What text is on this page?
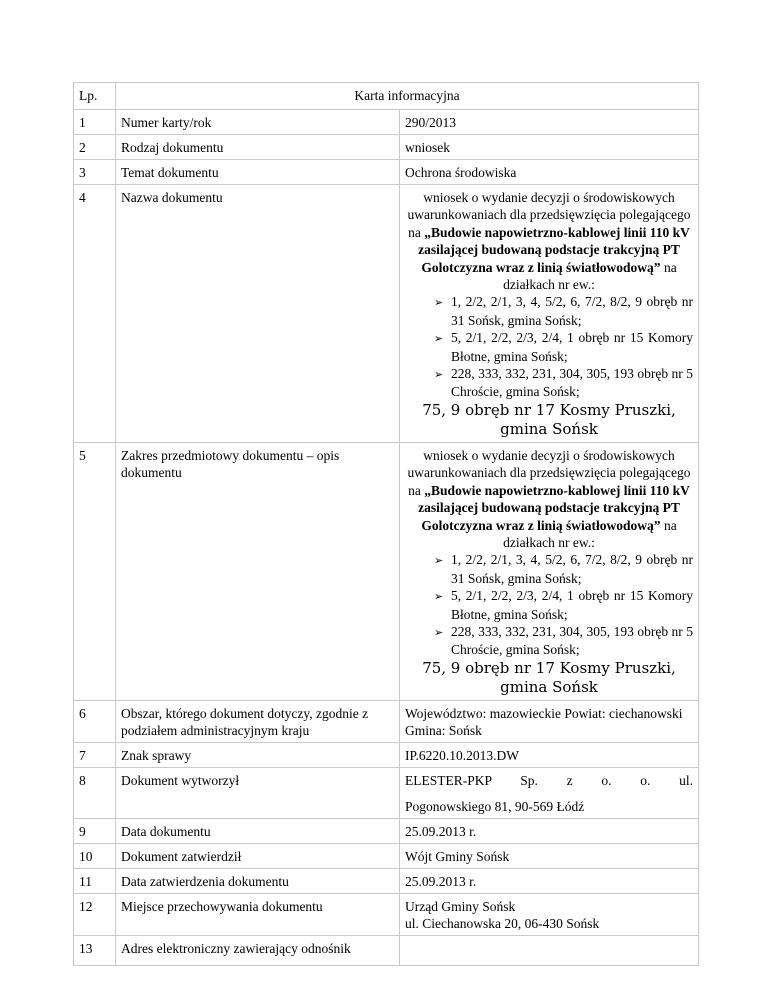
Lp.	Karta informacyjna	
1	Numer karty/rok	290/2013
2	Rodzaj dokumentu	wniosek
3	Temat dokumentu	Ochrona środowiska
4	Nazwa dokumentu	wniosek o wydanie decyzji o środowiskowych uwarunkowaniach dla przedsięwzięcia polegającego na „Budowie napowietrzno-kablowej linii 110 kV zasilającej budowaną podstacje trakcyjną PT Golotczyzna wraz z linią światłowodową” na działkach nr ew.:

➢ 1, 2/2, 2/1, 3, 4, 5/2, 6, 7/2, 8/2, 9 obręb nr 31 Sońsk, gmina Sońsk;

➢ 5, 2/1, 2/2, 2/3, 2/4, 1 obręb nr 15 Komory Błotne, gmina Sońsk;

➢ 228, 333, 332, 231, 304, 305, 193 obręb nr 5 Chroście, gmina Sońsk;

75, 9 obręb nr 17 Kosmy Pruszki, gmina Sońsk

5	Zakres przedmiotowy dokumentu – opis dokumentu	wniosek o wydanie decyzji o środowiskowych uwarunkowaniach dla przedsięwzięcia polegającego na „Budowie napowietrzno-kablowej linii 110 kV zasilającej budowaną podstacje trakcyjną PT Golotczyzna wraz z linią światłowodową” na działkach nr ew.:

➢ 1, 2/2, 2/1, 3, 4, 5/2, 6, 7/2, 8/2, 9 obręb nr 31 Sońsk, gmina Sońsk;

➢ 5, 2/1, 2/2, 2/3, 2/4, 1 obręb nr 15 Komory Błotne, gmina Sońsk;

➢ 228, 333, 332, 231, 304, 305, 193 obręb nr 5 Chroście, gmina Sońsk;

75, 9 obręb nr 17 Kosmy Pruszki, gmina Sońsk

6	Obszar, którego dokument dotyczy, zgodnie z podziałem administracyjnym kraju	Województwo: mazowieckie Powiat: ciechanowski Gmina: Sońsk
7	Znak sprawy	IP.6220.10.2013.DW
8	Dokument wytworzył	ELESTER-PKP Sp. z o. o. ul.
Pogonowskiego 81, 90-569 Łódź

9	Data dokumentu	25.09.2013 r.
10	Dokument zatwierdził	Wójt Gminy Sońsk
11	Data zatwierdzenia dokumentu	25.09.2013 r.
12	Miejsce przechowywania dokumentu	Urząd Gminy Sońsk
ul. Ciechanowska 20, 06-430 Sońsk

13	Adres elektroniczny zawierający odnośnik	
